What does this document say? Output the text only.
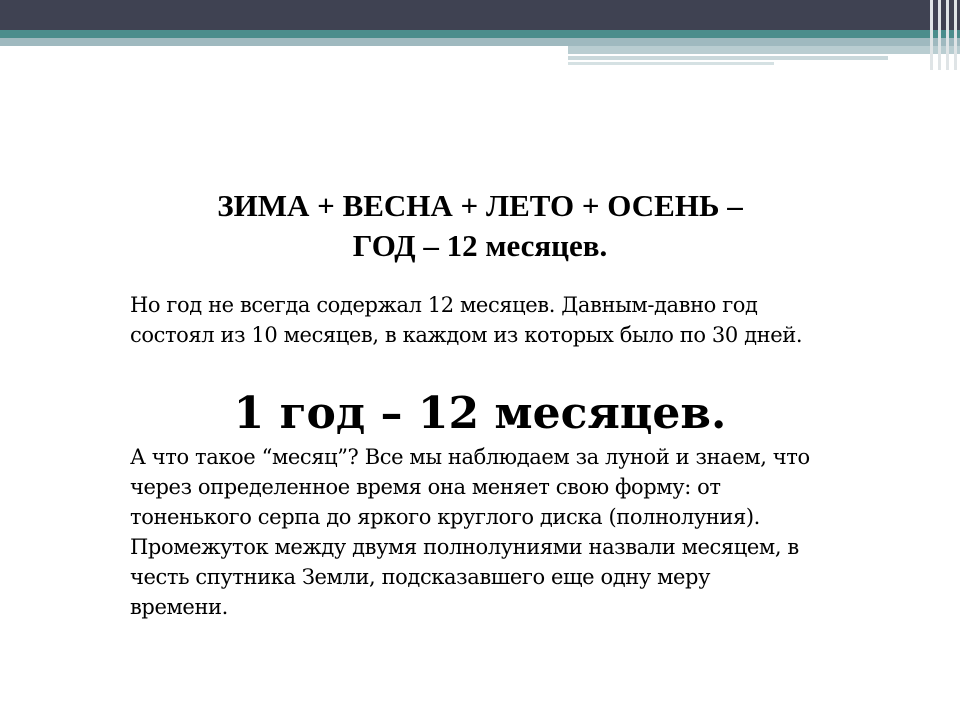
ЗИМА + ВЕСНА + ЛЕТО + ОСЕНЬ –
ГОД – 12 месяцев.

Но год не всегда содержал 12 месяцев. Давным-давно год состоял из 10 месяцев, в каждом из которых было по 30 дней.

1 год – 12 месяцев.

А что такое “месяц”? Все мы наблюдаем за луной и знаем, что через определенное время она меняет свою форму: от тоненького серпа до яркого круглого диска (полнолуния). Промежуток между двумя полнолуниями назвали месяцем, в честь спутника Земли, подсказавшего еще одну меру времени.
